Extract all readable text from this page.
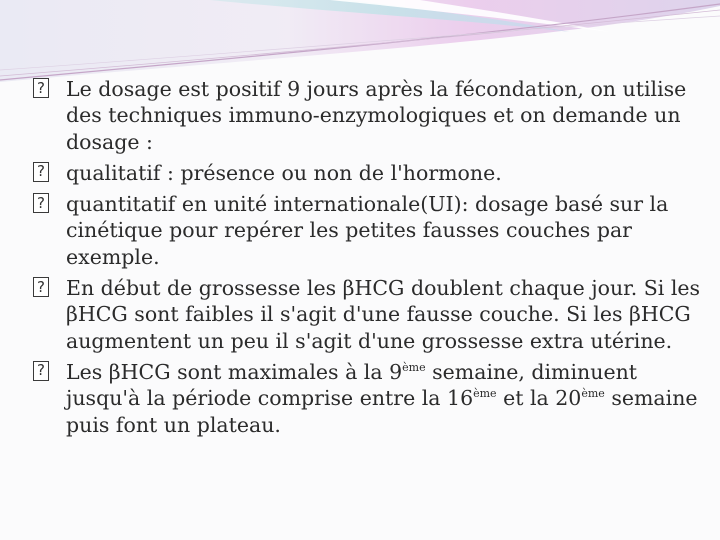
? Le dosage est positif 9 jours après la fécondation, on utilise des techniques immuno-enzymologiques et on demande un dosage :
? qualitatif : présence ou non de l'hormone.
? quantitatif en unité internationale(UI): dosage basé sur la cinétique pour repérer les petites fausses couches par exemple.
? En début de grossesse les βHCG doublent chaque jour. Si les βHCG sont faibles il s'agit d'une fausse couche. Si les βHCG augmentent un peu il s'agit d'une grossesse extra utérine.
? Les βHCG sont maximales à la 9ème semaine, diminuent jusqu'à la période comprise entre la 16ème et la 20ème semaine puis font un plateau.
